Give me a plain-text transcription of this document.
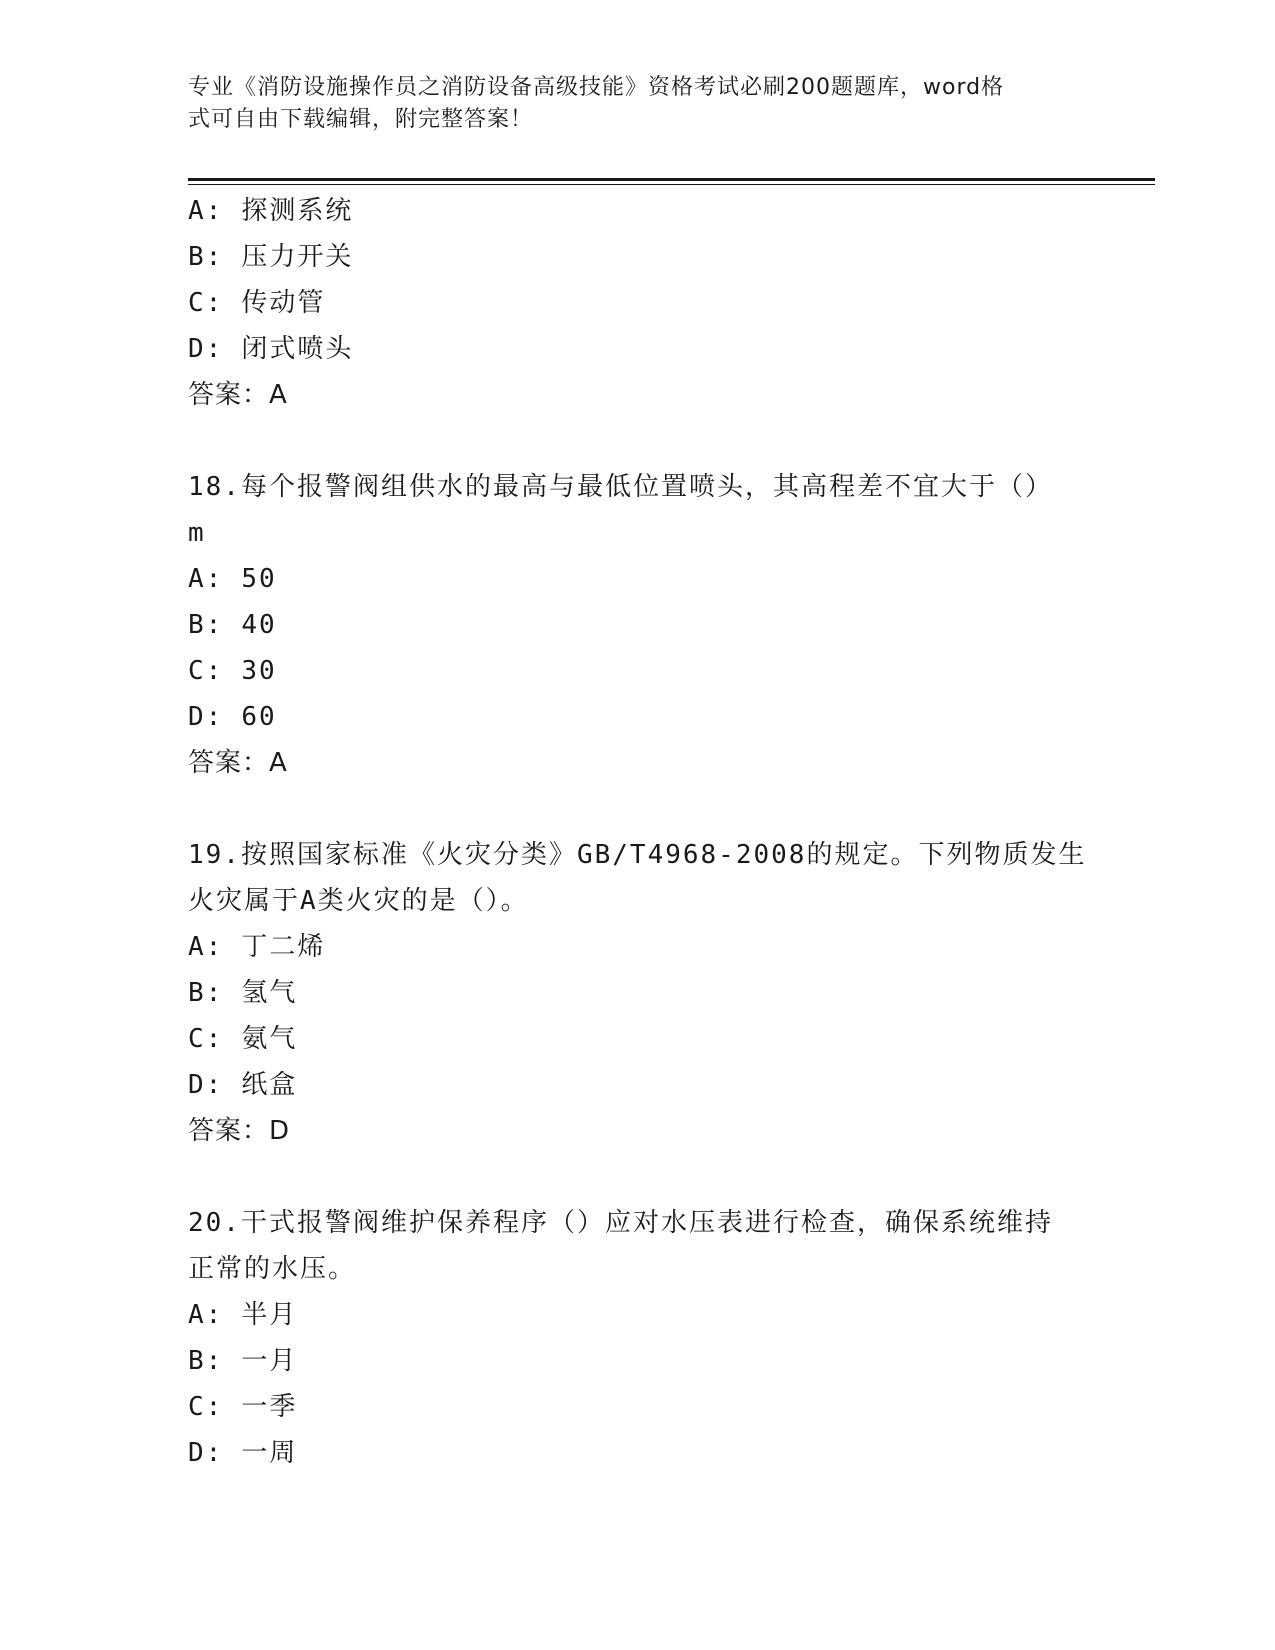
专业《消防设施操作员之消防设备高级技能》资格考试必刷200题题库，word格
式可自由下载编辑，附完整答案！
A: 探测系统
B: 压力开关
C: 传动管
D: 闭式喷头
答案：A
18.每个报警阀组供水的最高与最低位置喷头，其高程差不宜大于（）
m
A: 50
B: 40
C: 30
D: 60
答案：A
19.按照国家标准《火灾分类》GB/T4968-2008的规定。下列物质发生
火灾属于A类火灾的是（）。
A: 丁二烯
B: 氢气
C: 氨气
D: 纸盒
答案：D
20.干式报警阀维护保养程序（）应对水压表进行检查，确保系统维持
正常的水压。
A: 半月
B: 一月
C: 一季
D: 一周
